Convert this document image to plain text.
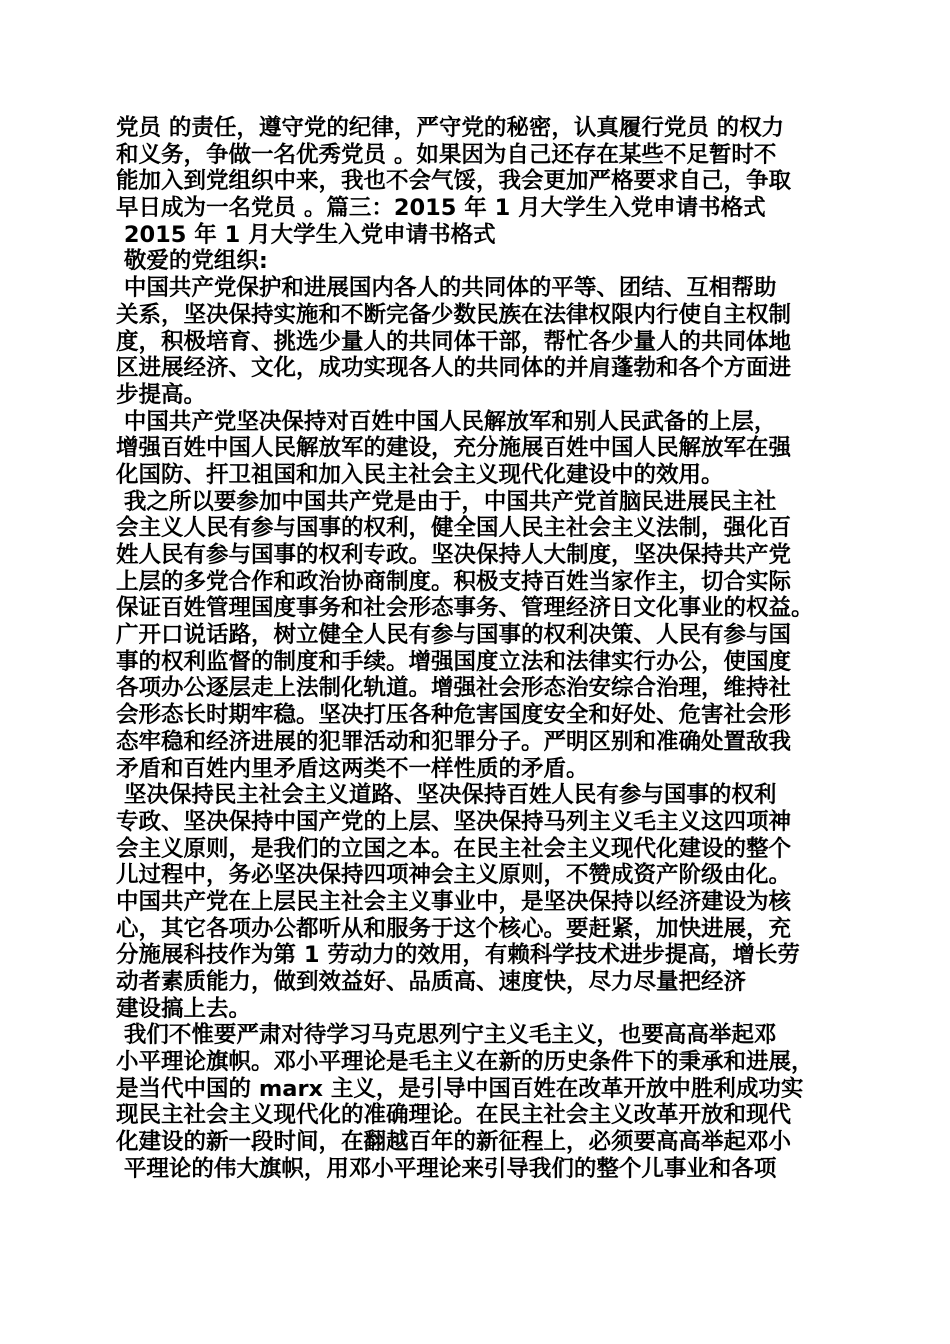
党员 的责任，遵守党的纪律，严守党的秘密，认真履行党员 的权力
和义务，争做一名优秀党员 。如果因为自己还存在某些不足暂时不
能加入到党组织中来，我也不会气馁，我会更加严格要求自己，争取
早日成为一名党员 。篇三：2015 年 1 月大学生入党申请书格式
2015 年 1 月大学生入党申请书格式
敬爱的党组织:
中国共产党保护和进展国内各人的共同体的平等、团结、互相帮助
关系，坚决保持实施和不断完备少数民族在法律权限内行使自主权制
度，积极培育、挑选少量人的共同体干部，帮忙各少量人的共同体地
区进展经济、文化，成功实现各人的共同体的并肩蓬勃和各个方面进
步提高。
中国共产党坚决保持对百姓中国人民解放军和别人民武备的上层，
增强百姓中国人民解放军的建设，充分施展百姓中国人民解放军在强
化国防、扞卫祖国和加入民主社会主义现代化建设中的效用。
我之所以要参加中国共产党是由于，中国共产党首脑民进展民主社
会主义人民有参与国事的权利，健全国人民主社会主义法制，强化百
姓人民有参与国事的权利专政。坚决保持人大制度，坚决保持共产党
上层的多党合作和政治协商制度。积极支持百姓当家作主，切合实际
保证百姓管理国度事务和社会形态事务、管理经济日文化事业的权益。
广开口说话路，树立健全人民有参与国事的权利决策、人民有参与国
事的权利监督的制度和手续。增强国度立法和法律实行办公，使国度
各项办公逐层走上法制化轨道。增强社会形态治安综合治理，维持社
会形态长时期牢稳。坚决打压各种危害国度安全和好处、危害社会形
态牢稳和经济进展的犯罪活动和犯罪分子。严明区别和准确处置敌我
矛盾和百姓内里矛盾这两类不一样性质的矛盾。
坚决保持民主社会主义道路、坚决保持百姓人民有参与国事的权利
专政、坚决保持中国产党的上层、坚决保持马列主义毛主义这四项神
会主义原则，是我们的立国之本。在民主社会主义现代化建设的整个
儿过程中，务必坚决保持四项神会主义原则，不赞成资产阶级由化。
中国共产党在上层民主社会主义事业中，是坚决保持以经济建设为核
心，其它各项办公都听从和服务于这个核心。要赶紧，加快进展，充
分施展科技作为第 1 劳动力的效用，有赖科学技术进步提高，增长劳
动者素质能力，做到效益好、品质高、速度快，尽力尽量把经济
建设搞上去。
我们不惟要严肃对待学习马克思列宁主义毛主义，也要高高举起邓
小平理论旗帜。邓小平理论是毛主义在新的历史条件下的秉承和进展，
是当代中国的 marx 主义，是引导中国百姓在改革开放中胜利成功实
现民主社会主义现代化的准确理论。在民主社会主义改革开放和现代
化建设的新一段时间，在翻越百年的新征程上，必须要高高举起邓小
平理论的伟大旗帜，用邓小平理论来引导我们的整个儿事业和各项
